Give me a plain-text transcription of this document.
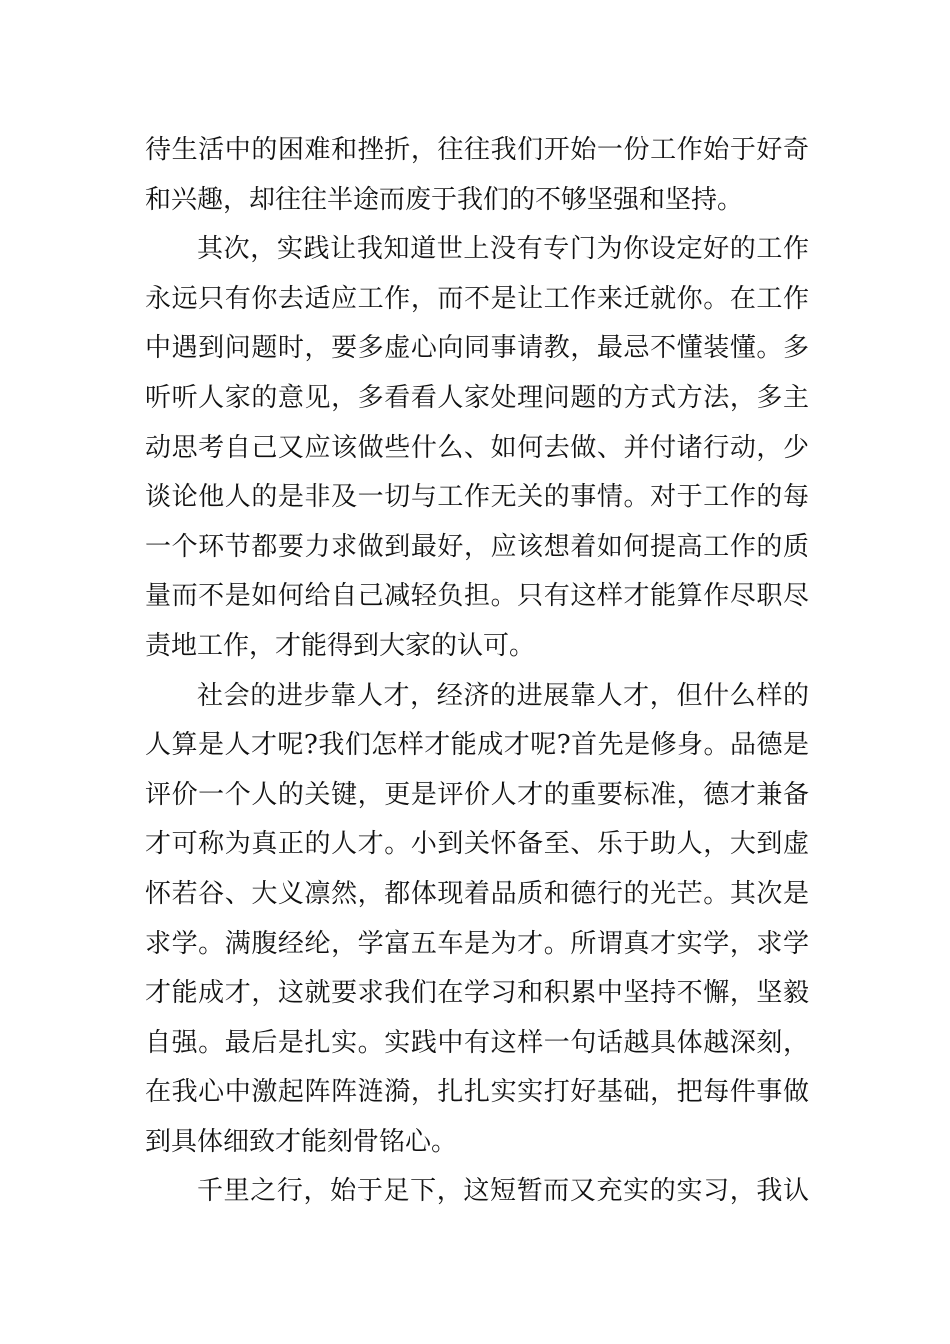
待生活中的困难和挫折，往往我们开始一份工作始于好奇
和兴趣，却往往半途而废于我们的不够坚强和坚持。

其次，实践让我知道世上没有专门为你设定好的工作
永远只有你去适应工作，而不是让工作来迁就你。在工作
中遇到问题时，要多虚心向同事请教，最忌不懂装懂。多
听听人家的意见，多看看人家处理问题的方式方法，多主
动思考自己又应该做些什么、如何去做、并付诸行动，少
谈论他人的是非及一切与工作无关的事情。对于工作的每
一个环节都要力求做到最好，应该想着如何提高工作的质
量而不是如何给自己减轻负担。只有这样才能算作尽职尽
责地工作，才能得到大家的认可。

社会的进步靠人才，经济的进展靠人才，但什么样的
人算是人才呢?我们怎样才能成才呢?首先是修身。品德是
评价一个人的关键，更是评价人才的重要标准，德才兼备
才可称为真正的人才。小到关怀备至、乐于助人，大到虚
怀若谷、大义凛然，都体现着品质和德行的光芒。其次是
求学。满腹经纶，学富五车是为才。所谓真才实学，求学
才能成才，这就要求我们在学习和积累中坚持不懈，坚毅
自强。最后是扎实。实践中有这样一句话越具体越深刻，
在我心中激起阵阵涟漪，扎扎实实打好基础，把每件事做
到具体细致才能刻骨铭心。

千里之行，始于足下，这短暂而又充实的实习，我认
